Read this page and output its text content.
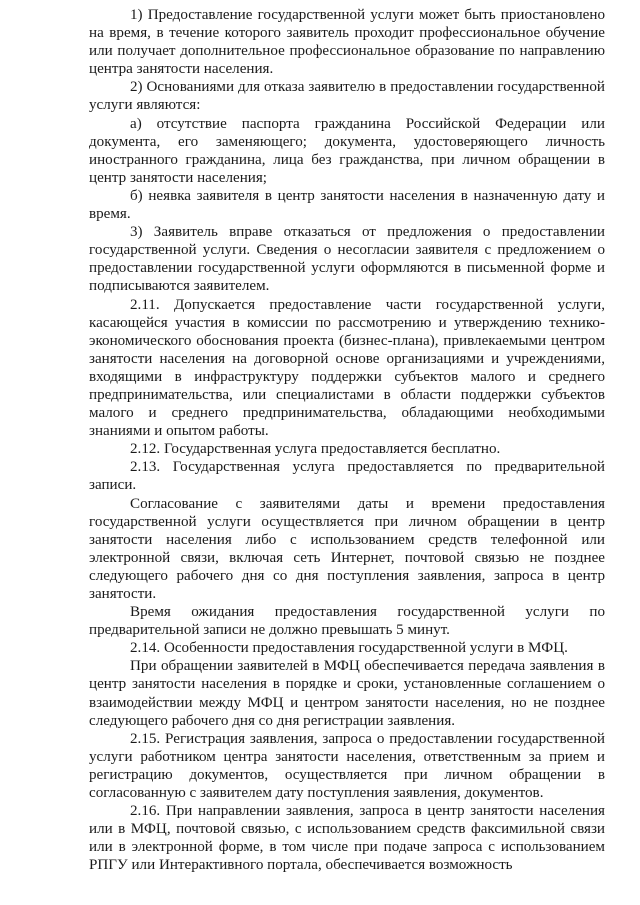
1) Предоставление государственной услуги может быть приостановлено на время, в течение которого заявитель проходит профессиональное обучение или получает дополнительное профессиональное образование по направлению центра занятости населения.

2) Основаниями для отказа заявителю в предоставлении государственной услуги являются:

а) отсутствие паспорта гражданина Российской Федерации или документа, его заменяющего; документа, удостоверяющего личность иностранного гражданина, лица без гражданства, при личном обращении в центр занятости населения;

б) неявка заявителя в центр занятости населения в назначенную дату и время.

3) Заявитель вправе отказаться от предложения о предоставлении государственной услуги. Сведения о несогласии заявителя с предложением о предоставлении государственной услуги оформляются в письменной форме и подписываются заявителем.

2.11. Допускается предоставление части государственной услуги, касающейся участия в комиссии по рассмотрению и утверждению технико-экономического обоснования проекта (бизнес-плана), привлекаемыми центром занятости населения на договорной основе организациями и учреждениями, входящими в инфраструктуру поддержки субъектов малого и среднего предпринимательства, или специалистами в области поддержки субъектов малого и среднего предпринимательства, обладающими необходимыми знаниями и опытом работы.

2.12. Государственная услуга предоставляется бесплатно.

2.13. Государственная услуга предоставляется по предварительной записи.

Согласование с заявителями даты и времени предоставления государственной услуги осуществляется при личном обращении в центр занятости населения либо с использованием средств телефонной или электронной связи, включая сеть Интернет, почтовой связью не позднее следующего рабочего дня со дня поступления заявления, запроса в центр занятости.

Время ожидания предоставления государственной услуги по предварительной записи не должно превышать 5 минут.

2.14. Особенности предоставления государственной услуги в МФЦ.

При обращении заявителей в МФЦ обеспечивается передача заявления в центр занятости населения в порядке и сроки, установленные соглашением о взаимодействии между МФЦ и центром занятости населения, но не позднее следующего рабочего дня со дня регистрации заявления.

2.15. Регистрация заявления, запроса о предоставлении государственной услуги работником центра занятости населения, ответственным за прием и регистрацию документов, осуществляется при личном обращении в согласованную с заявителем дату поступления заявления, документов.

2.16. При направлении заявления, запроса в центр занятости населения или в МФЦ, почтовой связью, с использованием средств факсимильной связи или в электронной форме, в том числе при подаче запроса с использованием РПГУ или Интерактивного портала, обеспечивается возможность
